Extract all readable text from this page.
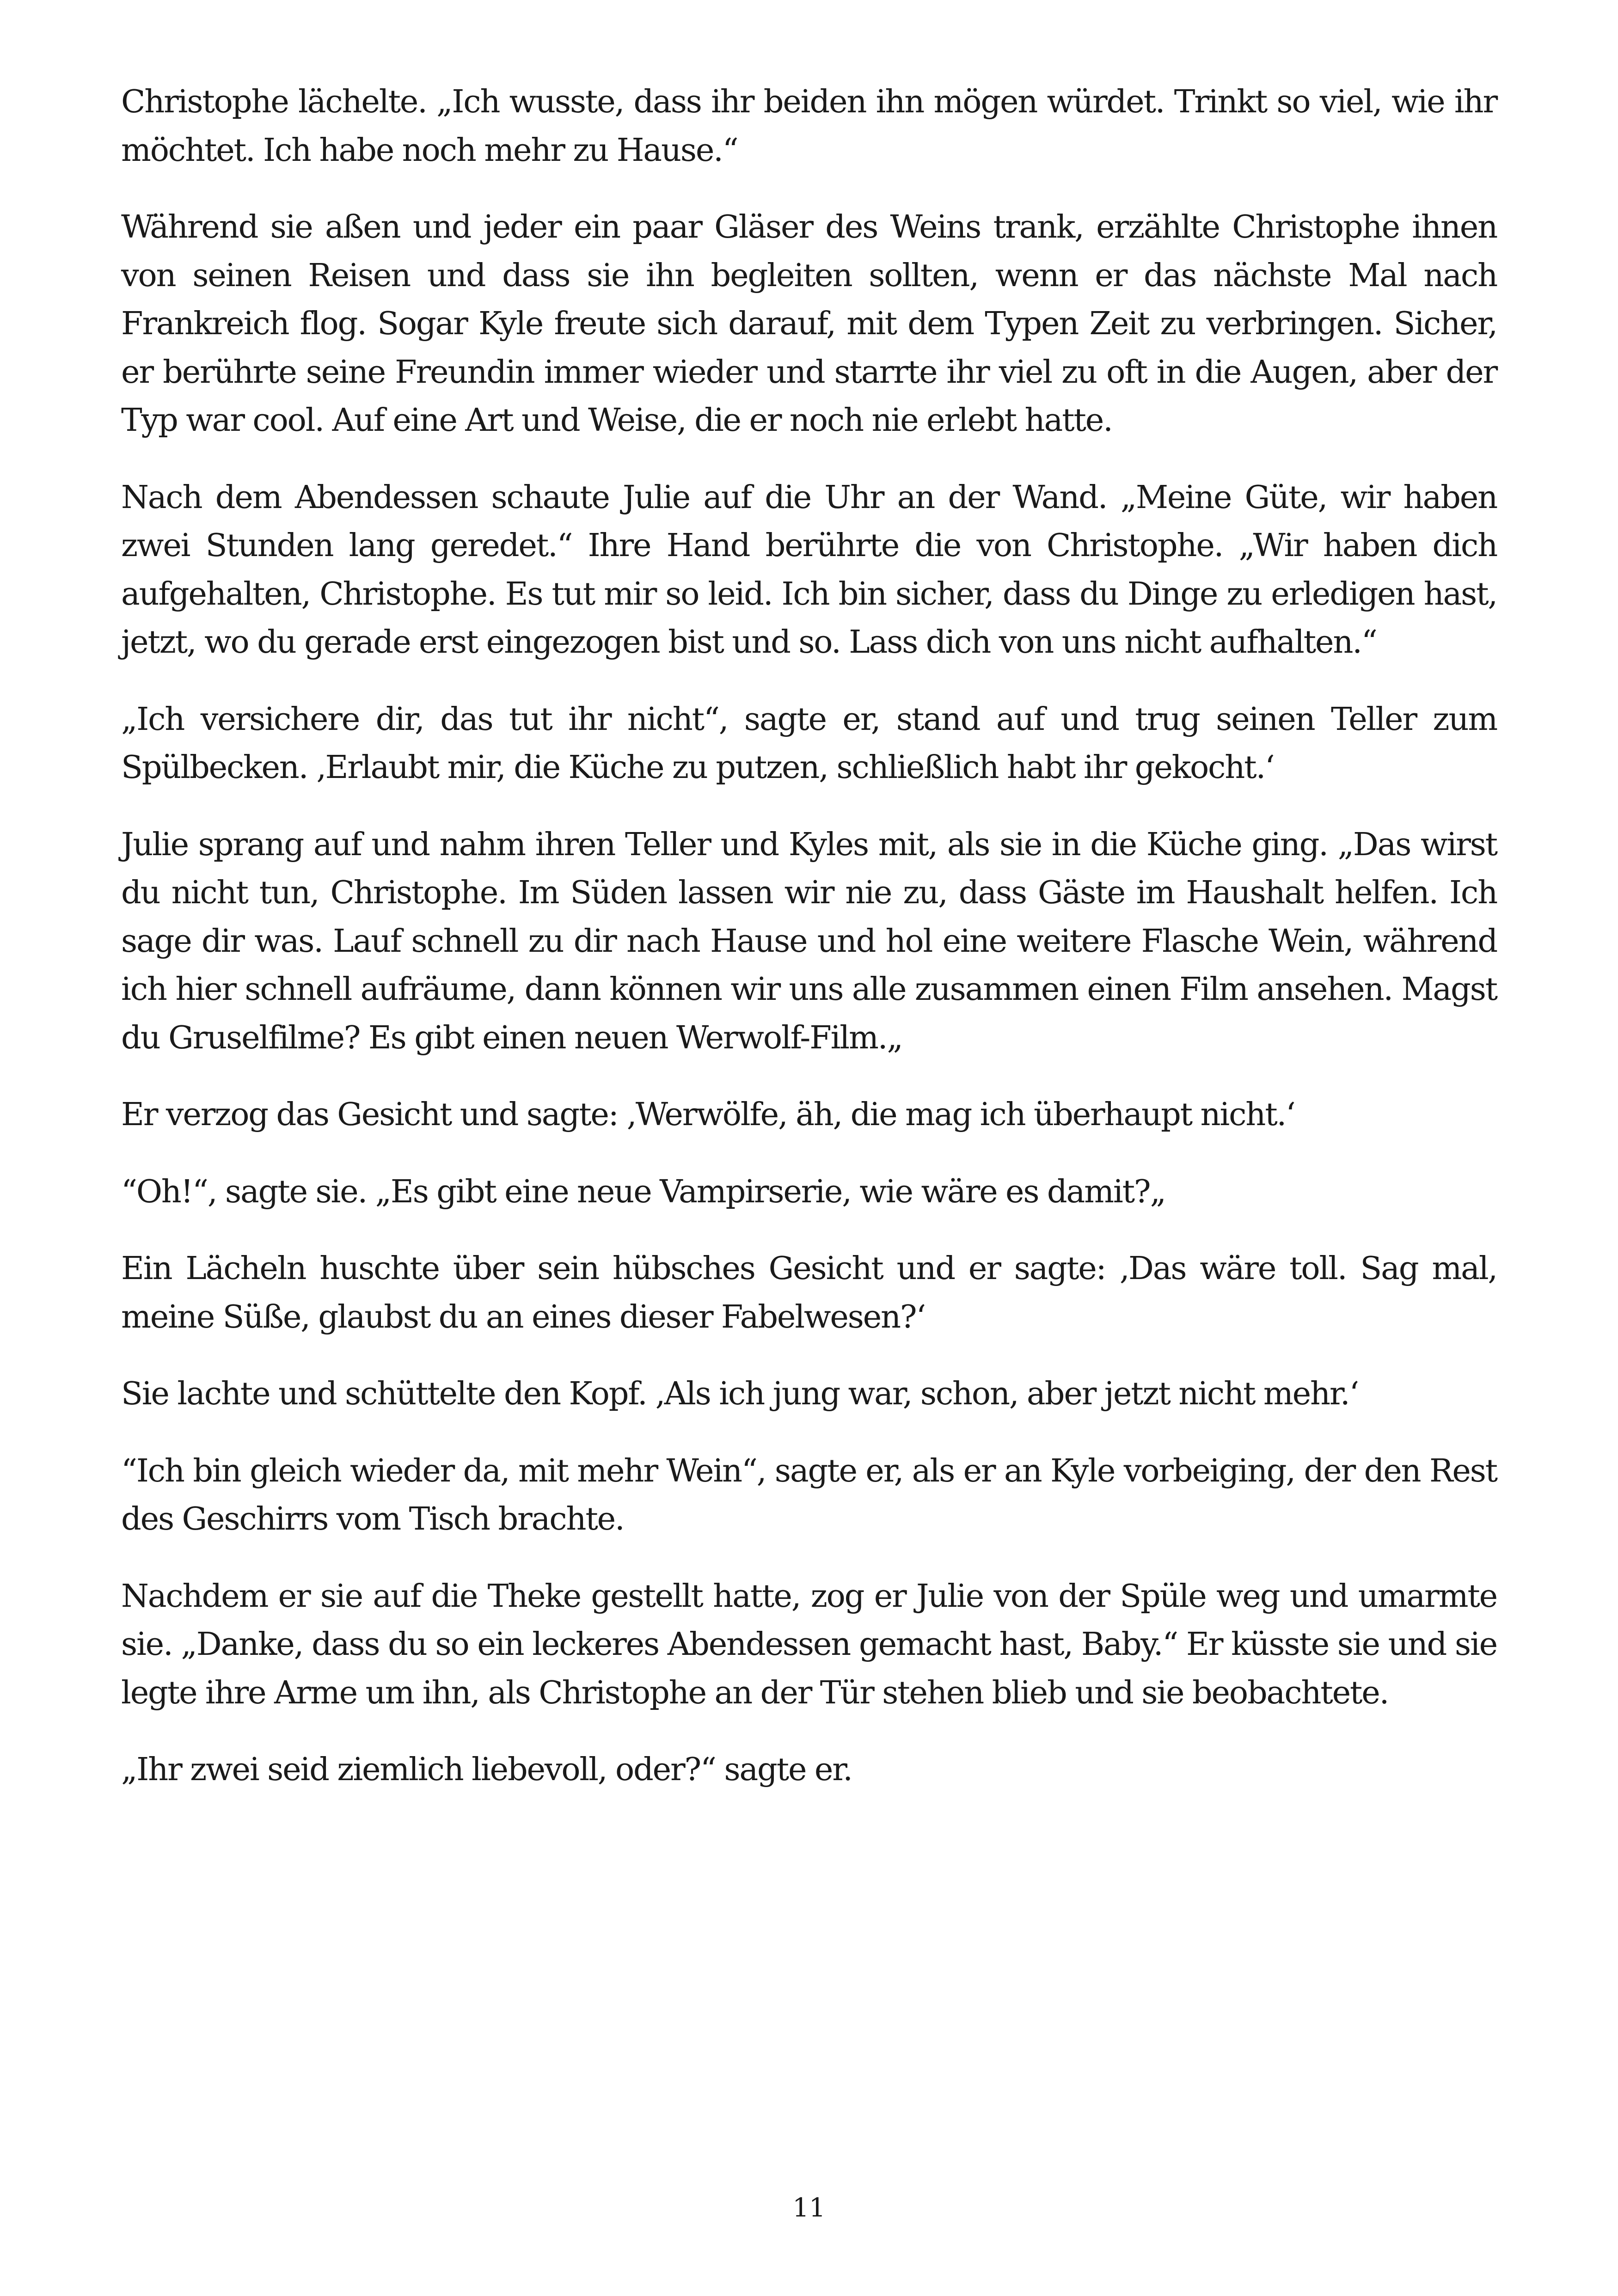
Christophe lächelte. „Ich wusste, dass ihr beiden ihn mögen würdet. Trinkt so viel, wie ihr möchtet. Ich habe noch mehr zu Hause.“

Während sie aßen und jeder ein paar Gläser des Weins trank, erzählte Christophe ihnen von seinen Reisen und dass sie ihn begleiten sollten, wenn er das nächste Mal nach Frankreich flog. Sogar Kyle freute sich darauf, mit dem Typen Zeit zu verbringen. Sicher, er berührte seine Freundin immer wieder und starrte ihr viel zu oft in die Augen, aber der Typ war cool. Auf eine Art und Weise, die er noch nie erlebt hatte.

Nach dem Abendessen schaute Julie auf die Uhr an der Wand. „Meine Güte, wir haben zwei Stunden lang geredet.“ Ihre Hand berührte die von Christophe. „Wir haben dich aufgehalten, Christophe. Es tut mir so leid. Ich bin sicher, dass du Dinge zu erledigen hast, jetzt, wo du gerade erst eingezogen bist und so. Lass dich von uns nicht aufhalten.“

„Ich versichere dir, das tut ihr nicht“, sagte er, stand auf und trug seinen Teller zum Spülbecken. ‚Erlaubt mir, die Küche zu putzen, schließlich habt ihr gekocht.‘

Julie sprang auf und nahm ihren Teller und Kyles mit, als sie in die Küche ging. „Das wirst du nicht tun, Christophe. Im Süden lassen wir nie zu, dass Gäste im Haushalt helfen. Ich sage dir was. Lauf schnell zu dir nach Hause und hol eine weitere Flasche Wein, während ich hier schnell aufräume, dann können wir uns alle zusammen einen Film ansehen. Magst du Gruselfilme? Es gibt einen neuen Werwolf-Film.„

Er verzog das Gesicht und sagte: ‚Werwölfe, äh, die mag ich überhaupt nicht.‘

“Oh!“, sagte sie. „Es gibt eine neue Vampirserie, wie wäre es damit?„

Ein Lächeln huschte über sein hübsches Gesicht und er sagte: ‚Das wäre toll. Sag mal, meine Süße, glaubst du an eines dieser Fabelwesen?‘

Sie lachte und schüttelte den Kopf. ‚Als ich jung war, schon, aber jetzt nicht mehr.‘

“Ich bin gleich wieder da, mit mehr Wein“, sagte er, als er an Kyle vorbeiging, der den Rest des Geschirrs vom Tisch brachte.

Nachdem er sie auf die Theke gestellt hatte, zog er Julie von der Spüle weg und umarmte sie. „Danke, dass du so ein leckeres Abendessen gemacht hast, Baby.“ Er küsste sie und sie legte ihre Arme um ihn, als Christophe an der Tür stehen blieb und sie beobachtete.

„Ihr zwei seid ziemlich liebevoll, oder?“ sagte er.

11
